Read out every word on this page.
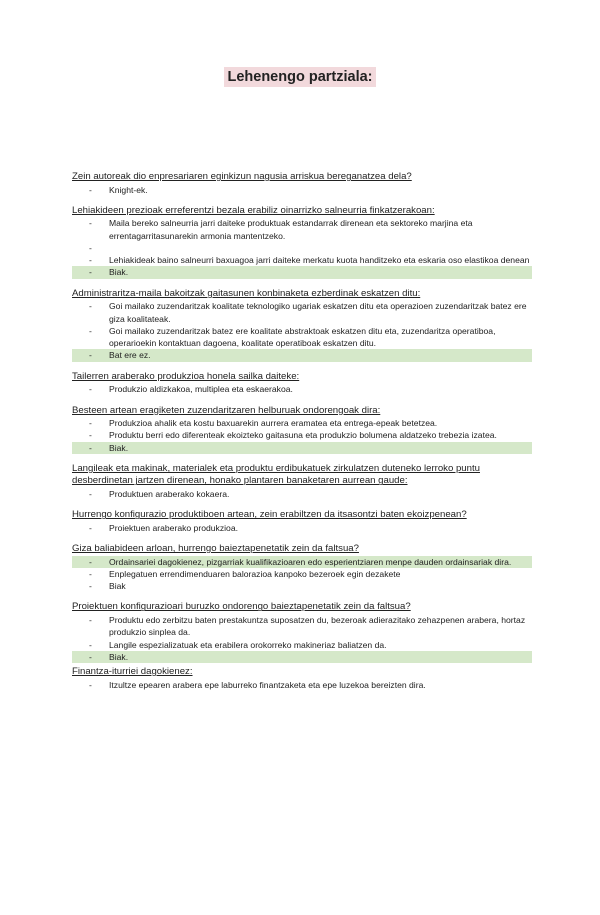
Lehenengo partziala:
Zein autoreak dio enpresariaren eginkizun nagusia arriskua bereganatzea dela?
- Knight-ek.
Lehiakideen prezioak erreferentzi bezala erabiliz oinarrizko salneurria finkatzerakoan:
- Maila bereko salneurria jarri daiteke produktuak estandarrak direnean eta sektoreko marjina eta errentagarritasunarekin armonia mantentzeko.
-
- Lehiakideak baino salneurri baxuagoa jarri daiteke merkatu kuota handitzeko eta eskaria oso elastikoa denean
- Biak.
Administraritza-maila bakoitzak gaitasunen konbinaketa ezberdinak eskatzen ditu:
- Goi mailako zuzendaritzak koalitate teknologiko ugariak eskatzen ditu eta operazioen zuzendaritzak batez ere giza koalitateak.
- Goi mailako zuzendaritzak batez ere koalitate abstraktoak eskatzen ditu eta, zuzendaritza operatiboa, operarioekin kontaktuan dagoena, koalitate operatiboak eskatzen ditu.
- Bat ere ez.
Tailerren araberako produkzioa honela sailka daiteke:
- Produkzio aldizkakoa, multiplea eta eskaerakoa.
Besteen artean eragiketen zuzendaritzaren helburuak ondorengoak dira:
- Produkzioa ahalik eta kostu baxuarekin aurrera eramatea eta entrega-epeak betetzea.
- Produktu berri edo diferenteak ekoizteko gaitasuna eta produkzio bolumena aldatzeko trebezia izatea.
- Biak.
Langileak eta makinak, materialek eta produktu erdibukatuek zirkulatzen duteneko lerroko puntu desberdinetan jartzen direnean, honako plantaren banaketaren aurrean gaude:
- Produktuen araberako kokaera.
Hurrengo konfigurazio produktiboen artean, zein erabiltzen da itsasontzi baten ekoizpenean?
- Proiektuen araberako produkzioa.
Giza baliabideen arloan, hurrengo baieztapenetatik zein da faltsua?
- Ordainsariei dagokienez, pizgarriak kualifikazioaren edo esperientziaren menpe dauden ordainsariak dira.
- Enplegatuen errendimenduaren balorazioa kanpoko bezeroek egin dezakete
- Biak
Proiektuen konfigurazioari buruzko ondorengo baieztapenetatik zein da faltsua?
- Produktu edo zerbitzu baten prestakuntza suposatzen du, bezeroak adierazitako zehazpenen arabera, hortaz produkzio sinplea da.
- Langile espezializatuak eta erabilera orokorreko makineriaz baliatzen da.
- Biak.
Finantza-iturriei dagokienez:
- Itzultze epearen arabera epe laburreko finantzaketa eta epe luzekoa bereizten dira.
